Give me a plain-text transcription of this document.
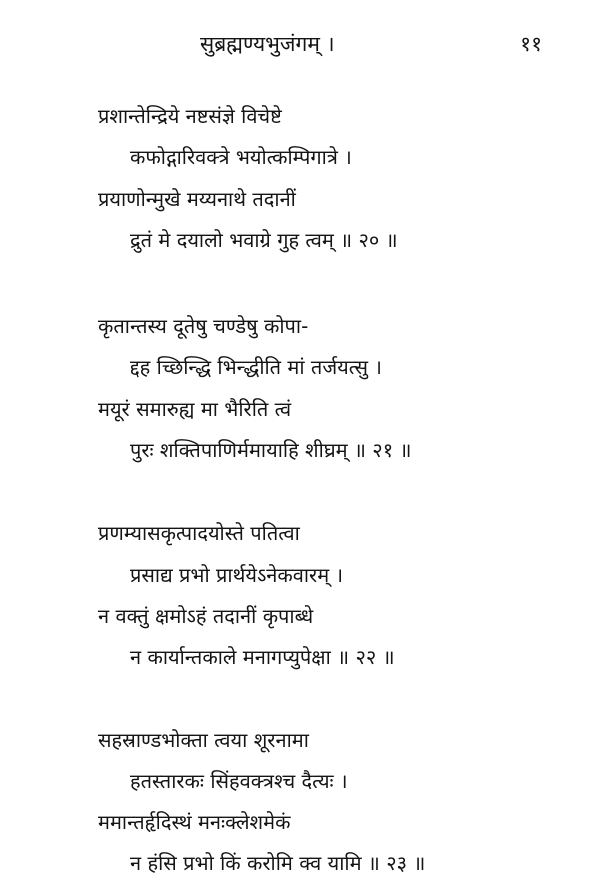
सुब्रह्मण्यभुजंगम् ।	११
प्रशान्तेन्द्रिये नष्टसंज्ञे विचेष्टे
कफोद्गारिवक्त्रे भयोत्कम्पिगात्रे ।
प्रयाणोन्मुखे मय्यनाथे तदानीं
द्रुतं मे दयालो भवाग्रे गुह त्वम् ॥ २० ॥
कृतान्तस्य दूतेषु चण्डेषु कोपा-
द्दह च्छिन्द्धि भिन्द्धीति मां तर्जयत्सु ।
मयूरं समारुह्य मा भैरिति त्वं
पुरः शक्तिपाणिर्ममायाहि शीघ्रम् ॥ २१ ॥
प्रणम्यासकृत्पादयोस्ते पतित्वा
प्रसाद्य प्रभो प्रार्थयेऽनेकवारम् ।
न वक्तुं क्षमोऽहं तदानीं कृपाब्धे
न कार्यान्तकाले मनागप्युपेक्षा ॥ २२ ॥
सहस्राण्डभोक्ता त्वया शूरनामा
हतस्तारकः सिंहवक्त्रश्च दैत्यः ।
ममान्तर्हृदिस्थं मनःक्लेशमेकं
न हंसि प्रभो किं करोमि क्व यामि ॥ २३ ॥
